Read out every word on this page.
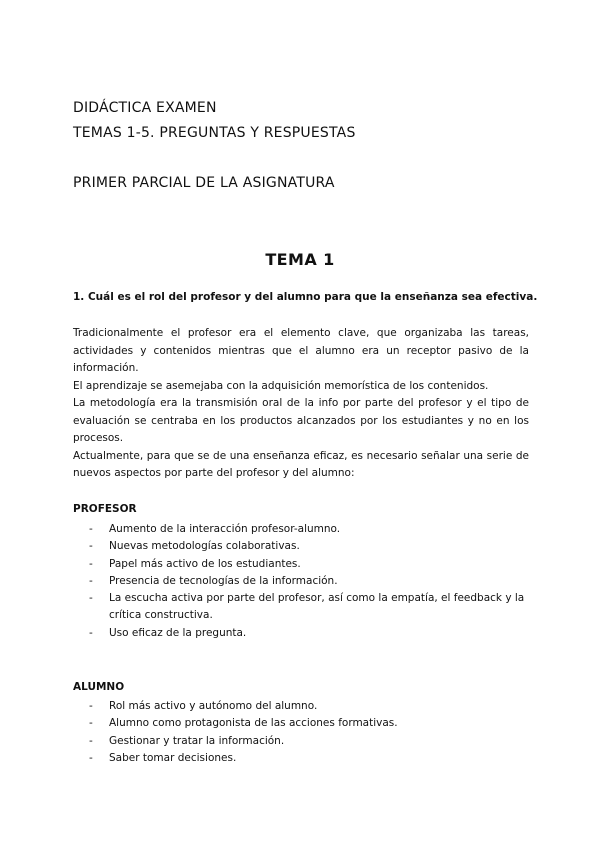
DIDÁCTICA EXAMEN
TEMAS 1-5. PREGUNTAS Y RESPUESTAS
PRIMER PARCIAL DE LA ASIGNATURA
TEMA 1
1. Cuál es el rol del profesor y del alumno para que la enseñanza sea efectiva.

Tradicionalmente el profesor era el elemento clave, que organizaba las tareas, actividades y contenidos mientras que el alumno era un receptor pasivo de la información.

El aprendizaje se asemejaba con la adquisición memorística de los contenidos.

La metodología era la transmisión oral de la info por parte del profesor y el tipo de evaluación se centraba en los productos alcanzados por los estudiantes y no en los procesos.

Actualmente, para que se de una enseñanza eficaz, es necesario señalar una serie de nuevos aspectos por parte del profesor y del alumno:

PROFESOR
- Aumento de la interacción profesor-alumno.
- Nuevas metodologías colaborativas.
- Papel más activo de los estudiantes.
- Presencia de tecnologías de la información.
- La escucha activa por parte del profesor, así como la empatía, el feedback y la crítica constructiva.
- Uso eficaz de la pregunta.
ALUMNO
- Rol más activo y autónomo del alumno.
- Alumno como protagonista de las acciones formativas.
- Gestionar y tratar la información.
- Saber tomar decisiones.
